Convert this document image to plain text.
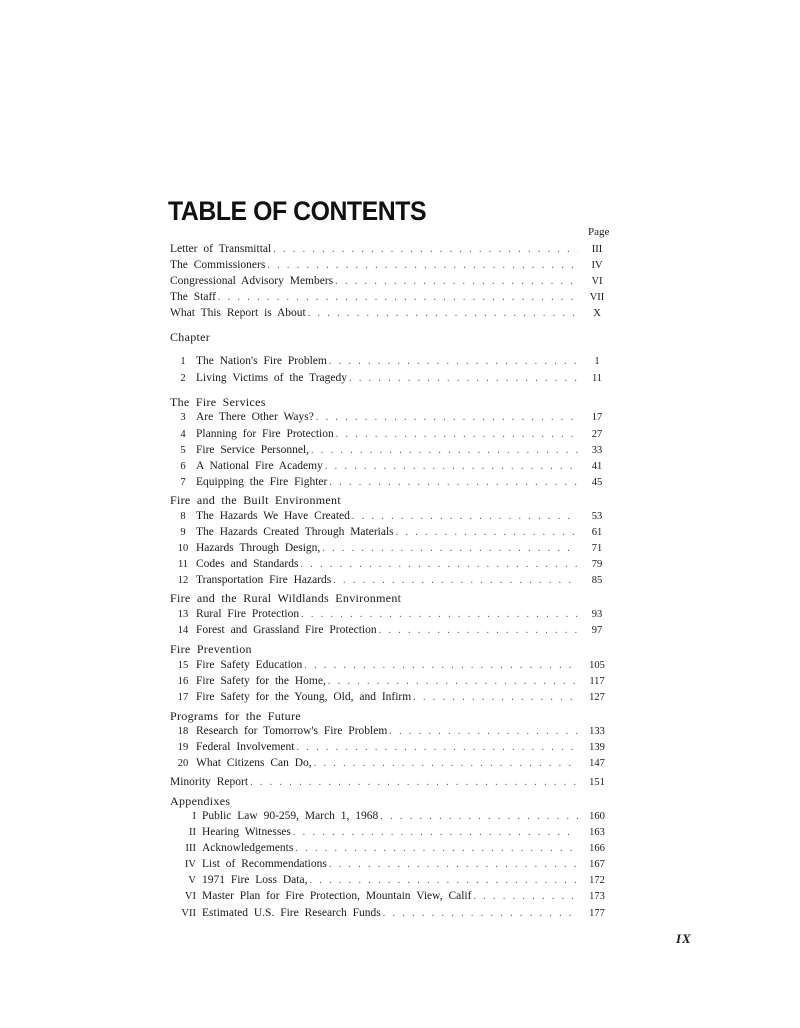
TABLE OF CONTENTS
Page
Letter of Transmittal . . .	III
The Commissioners . . .	IV
Congressional Advisory Members . . .	VI
The Staff . . .	VII
What This Report is About . . .	X
Chapter
1 The Nation's Fire Problem . . .	1
2 Living Victims of the Tragedy . . .	11
The Fire Services
3 Are There Other Ways? . . .	17
4 Planning for Fire Protection . . .	27
5 Fire Service Personnel, . . .	33
6 A National Fire Academy . . .	41
7 Equipping the Fire Fighter . . .	45
Fire and the Built Environment
8 The Hazards We Have Created . . .	53
9 The Hazards Created Through Materials . . .	61
10 Hazards Through Design, . . .	71
11 Codes and Standards . . .	79
12 Transportation Fire Hazards . . .	85
Fire and the Rural Wildlands Environment
13 Rural Fire Protection . . .	93
14 Forest and Grassland Fire Protection . . .	97
Fire Prevention
15 Fire Safety Education . . .	105
16 Fire Safety for the Home, . . .	117
17 Fire Safety for the Young, Old, and Infirm . . .	127
Programs for the Future
18 Research for Tomorrow's Fire Problem . . .	133
19 Federal Involvement . . .	139
20 What Citizens Can Do, . . .	147
Minority Report . . .	151
Appendixes
I Public Law 90-259, March 1, 1968 . . .	160
II Hearing Witnesses . . .	163
III Acknowledgements . . .	166
IV List of Recommendations . . .	167
V 1971 Fire Loss Data, . . .	172
VI Master Plan for Fire Protection, Mountain View, Calif . . .	173
VII Estimated U.S. Fire Research Funds . . .	177
IX
